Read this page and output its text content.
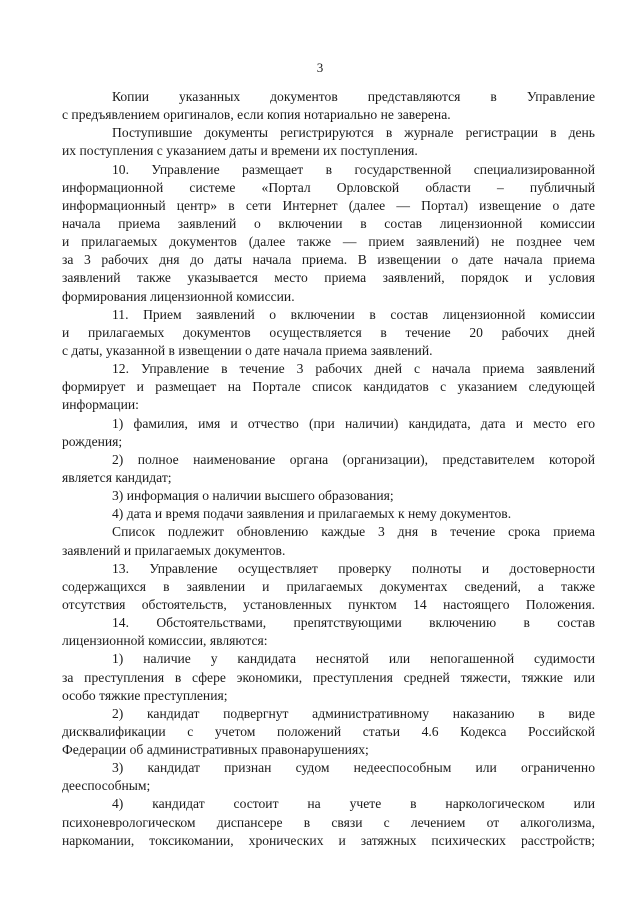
3
Копии указанных документов представляются в Управление
с предъявлением оригиналов, если копия нотариально не заверена.
Поступившие документы регистрируются в журнале регистрации в день
их поступления с указанием даты и времени их поступления.
10. Управление размещает в государственной специализированной
информационной системе «Портал Орловской области – публичный
информационный центр» в сети Интернет (далее — Портал) извещение о дате
начала приема заявлений о включении в состав лицензионной комиссии
и прилагаемых документов (далее также — прием заявлений) не позднее чем
за 3 рабочих дня до даты начала приема. В извещении о дате начала приема
заявлений также указывается место приема заявлений, порядок и условия
формирования лицензионной комиссии.
11. Прием заявлений о включении в состав лицензионной комиссии
и прилагаемых документов осуществляется в течение 20 рабочих дней
с даты, указанной в извещении о дате начала приема заявлений.
12. Управление в течение 3 рабочих дней с начала приема заявлений
формирует и размещает на Портале список кандидатов с указанием следующей
информации:
1) фамилия, имя и отчество (при наличии) кандидата, дата и место его
рождения;
2) полное наименование органа (организации), представителем которой
является кандидат;
3) информация о наличии высшего образования;
4) дата и время подачи заявления и прилагаемых к нему документов.
Список подлежит обновлению каждые 3 дня в течение срока приема
заявлений и прилагаемых документов.
13. Управление осуществляет проверку полноты и достоверности
содержащихся в заявлении и прилагаемых документах сведений, а также
отсутствия обстоятельств, установленных пунктом 14 настоящего Положения.
14. Обстоятельствами, препятствующими включению в состав
лицензионной комиссии, являются:
1) наличие у кандидата неснятой или непогашенной судимости
за преступления в сфере экономики, преступления средней тяжести, тяжкие или
особо тяжкие преступления;
2) кандидат подвергнут административному наказанию в виде
дисквалификации с учетом положений статьи 4.6 Кодекса Российской
Федерации об административных правонарушениях;
3) кандидат признан судом недееспособным или ограниченно
дееспособным;
4) кандидат состоит на учете в наркологическом или
психоневрологическом диспансере в связи с лечением от алкоголизма,
наркомании, токсикомании, хронических и затяжных психических расстройств;
